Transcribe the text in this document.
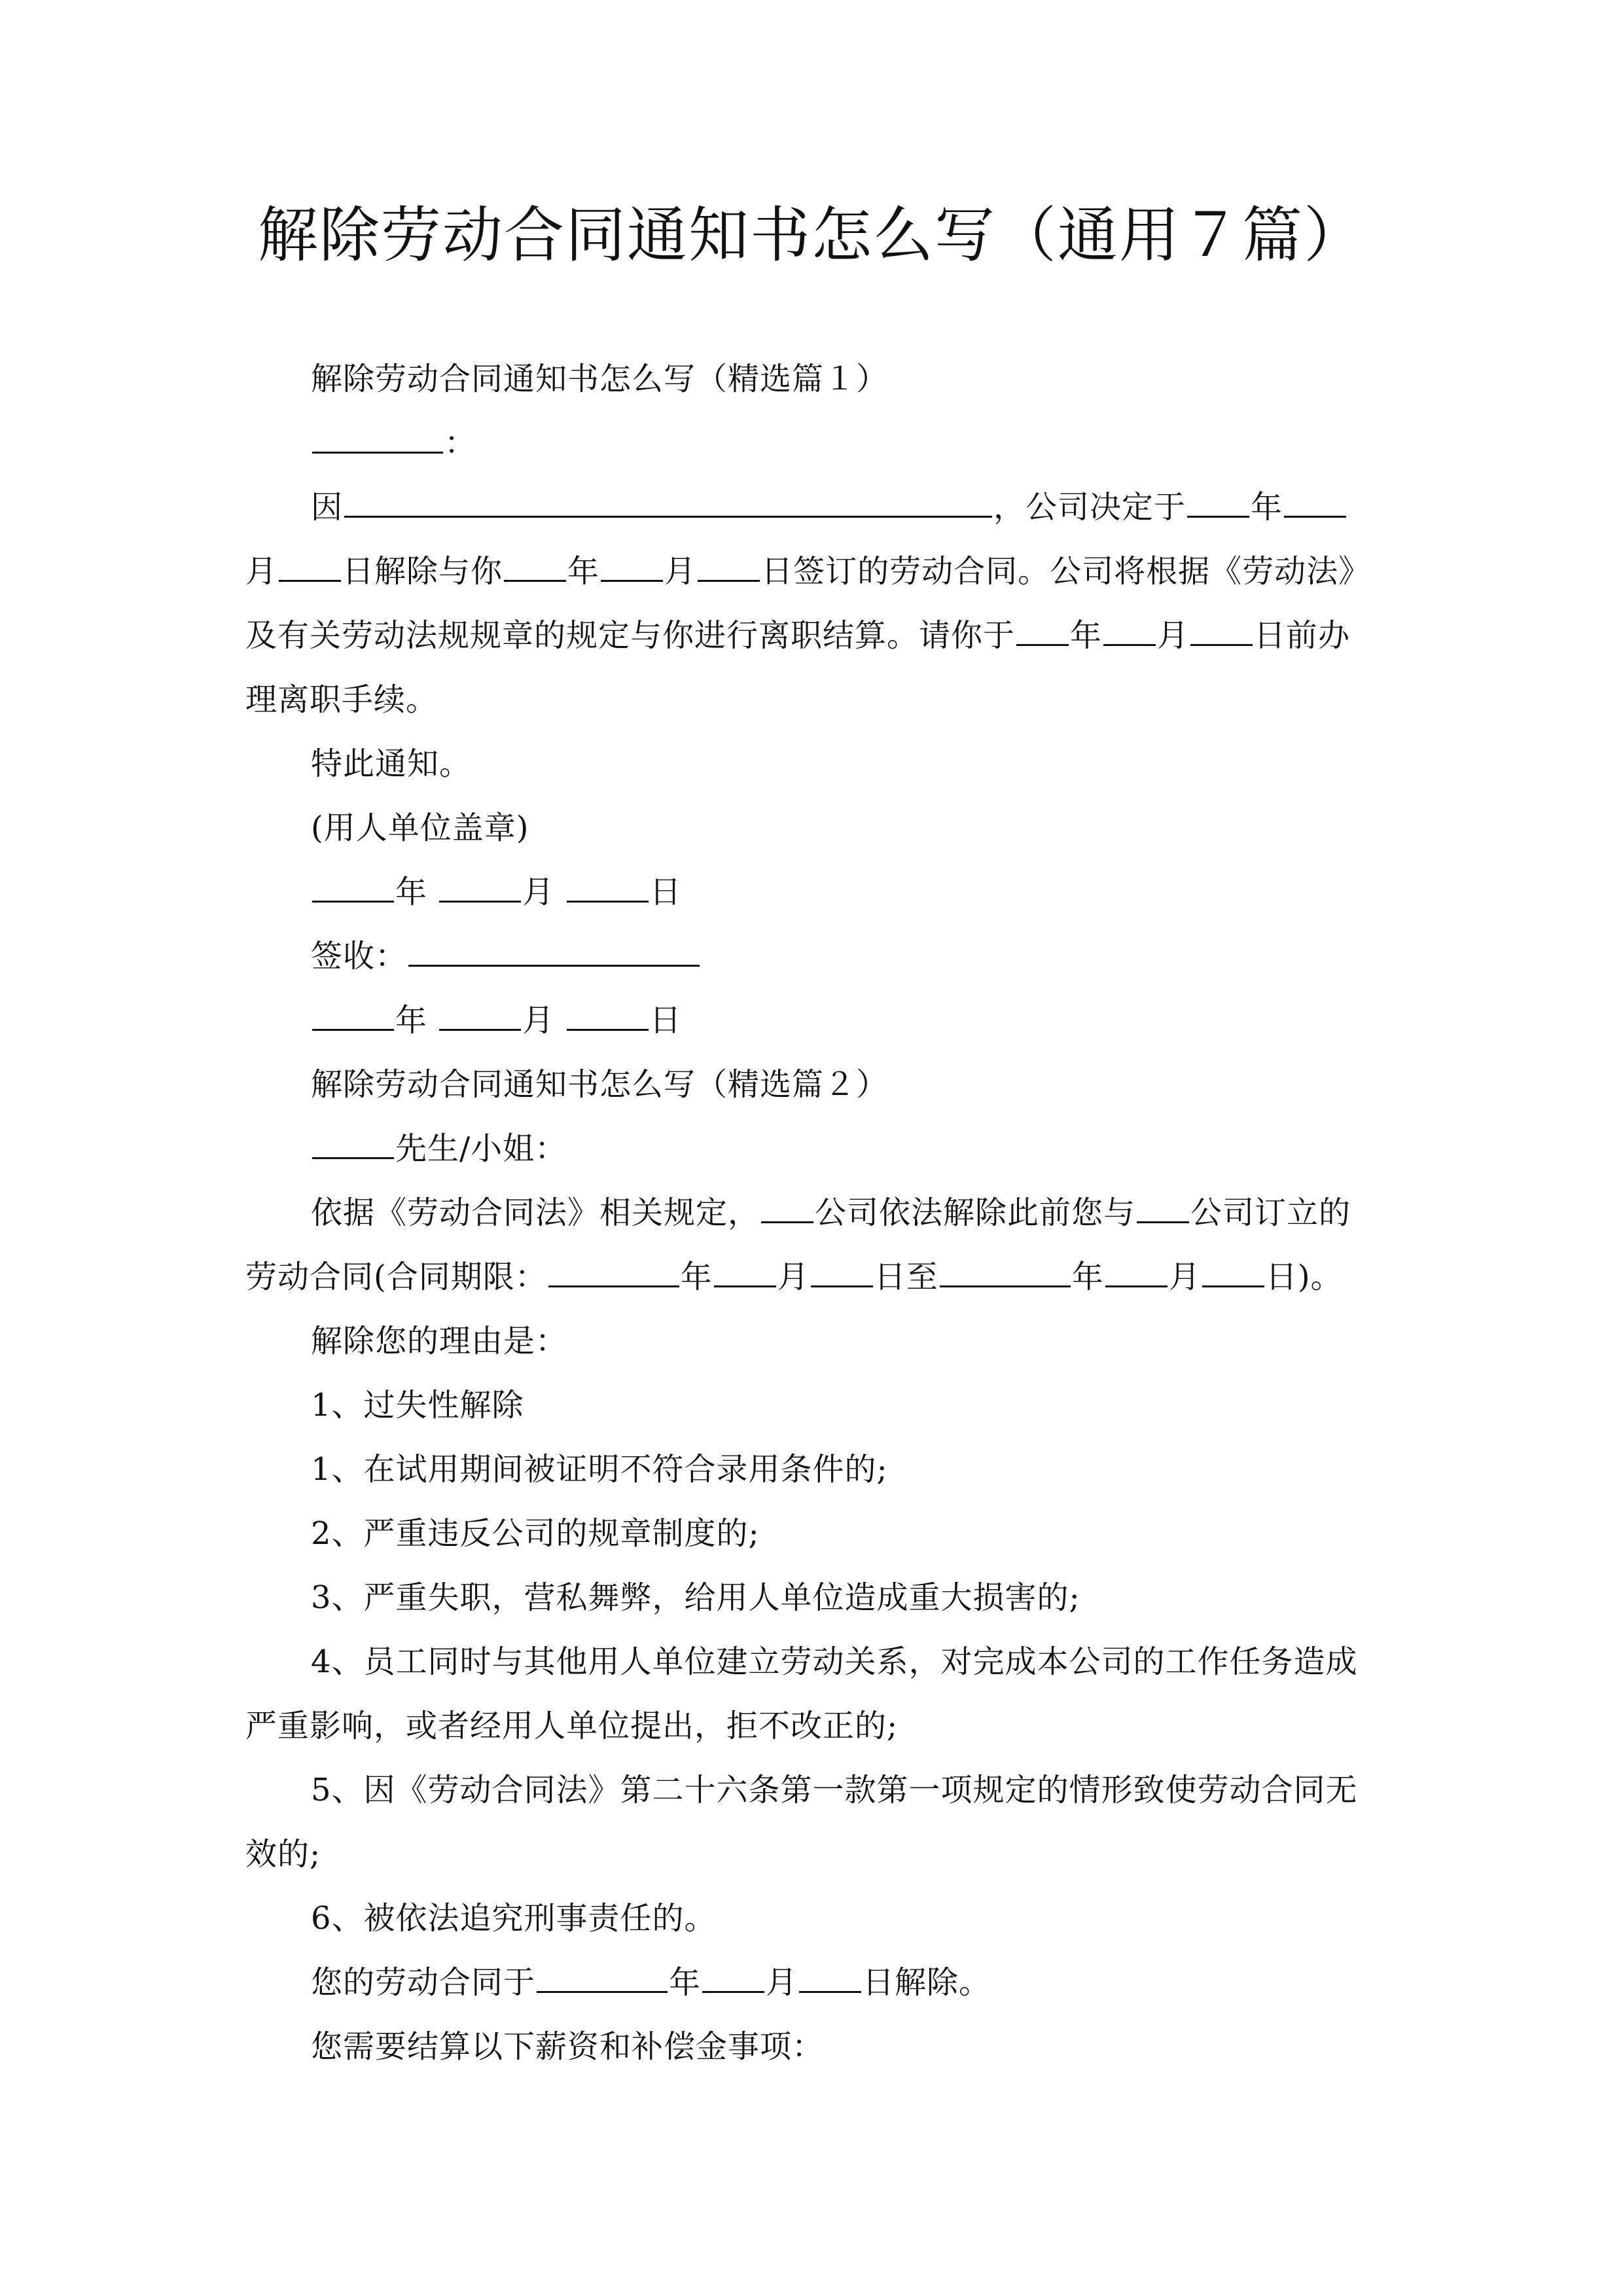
解除劳动合同通知书怎么写（通用７篇）

解除劳动合同通知书怎么写（精选篇１）

：

因	，公司决定于 年月 日解除与你 年 月 日签订的劳动合同。公司将根据《劳动法》及有关劳动法规规章的规定与你进行离职结算。请你于 年 月 日前办理离职手续。

特此通知。

(用人单位盖章)

年	月	日

签收：

年	月	日

解除劳动合同通知书怎么写（精选篇２）

先生/小姐：

依据《劳动合同法》相关规定， 公司依法解除此前您与 公司订立的劳动合同(合同期限：	年 月 日至	年 月 日)。

解除您的理由是：

1、过失性解除

1、在试用期间被证明不符合录用条件的;

2、严重违反公司的规章制度的;

3、严重失职，营私舞弊，给用人单位造成重大损害的;

4、员工同时与其他用人单位建立劳动关系，对完成本公司的工作任务造成严重影响，或者经用人单位提出，拒不改正的;

5、因《劳动合同法》第二十六条第一款第一项规定的情形致使劳动合同无效的;

6、被依法追究刑事责任的。

您的劳动合同于	年 月 日解除。

您需要结算以下薪资和补偿金事项：
